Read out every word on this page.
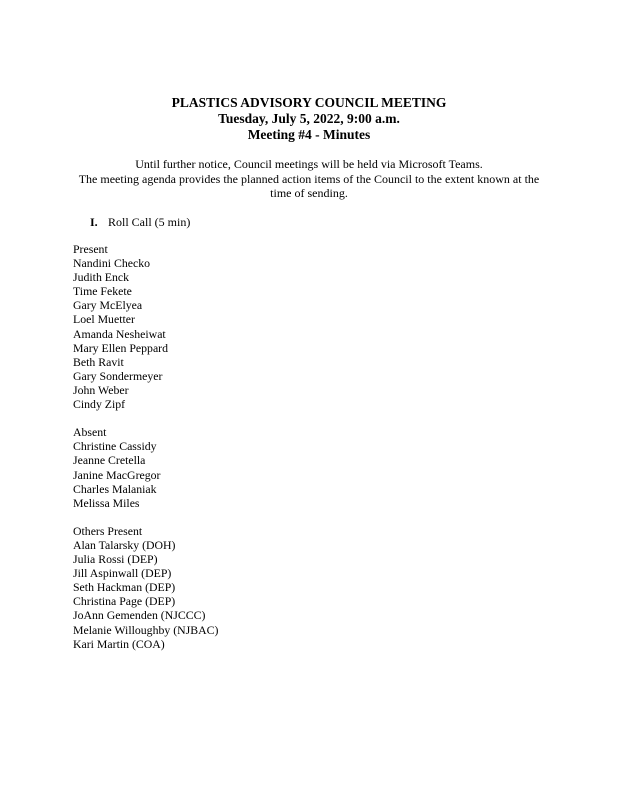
PLASTICS ADVISORY COUNCIL MEETING
Tuesday, July 5, 2022, 9:00 a.m.
Meeting #4 - Minutes
Until further notice, Council meetings will be held via Microsoft Teams.
The meeting agenda provides the planned action items of the Council to the extent known at the
time of sending.
I. Roll Call (5 min)
Present
Nandini Checko
Judith Enck
Time Fekete
Gary McElyea
Loel Muetter
Amanda Nesheiwat
Mary Ellen Peppard
Beth Ravit
Gary Sondermeyer
John Weber
Cindy Zipf
Absent
Christine Cassidy
Jeanne Cretella
Janine MacGregor
Charles Malaniak
Melissa Miles
Others Present
Alan Talarsky (DOH)
Julia Rossi (DEP)
Jill Aspinwall (DEP)
Seth Hackman (DEP)
Christina Page (DEP)
JoAnn Gemenden (NJCCC)
Melanie Willoughby (NJBAC)
Kari Martin (COA)
